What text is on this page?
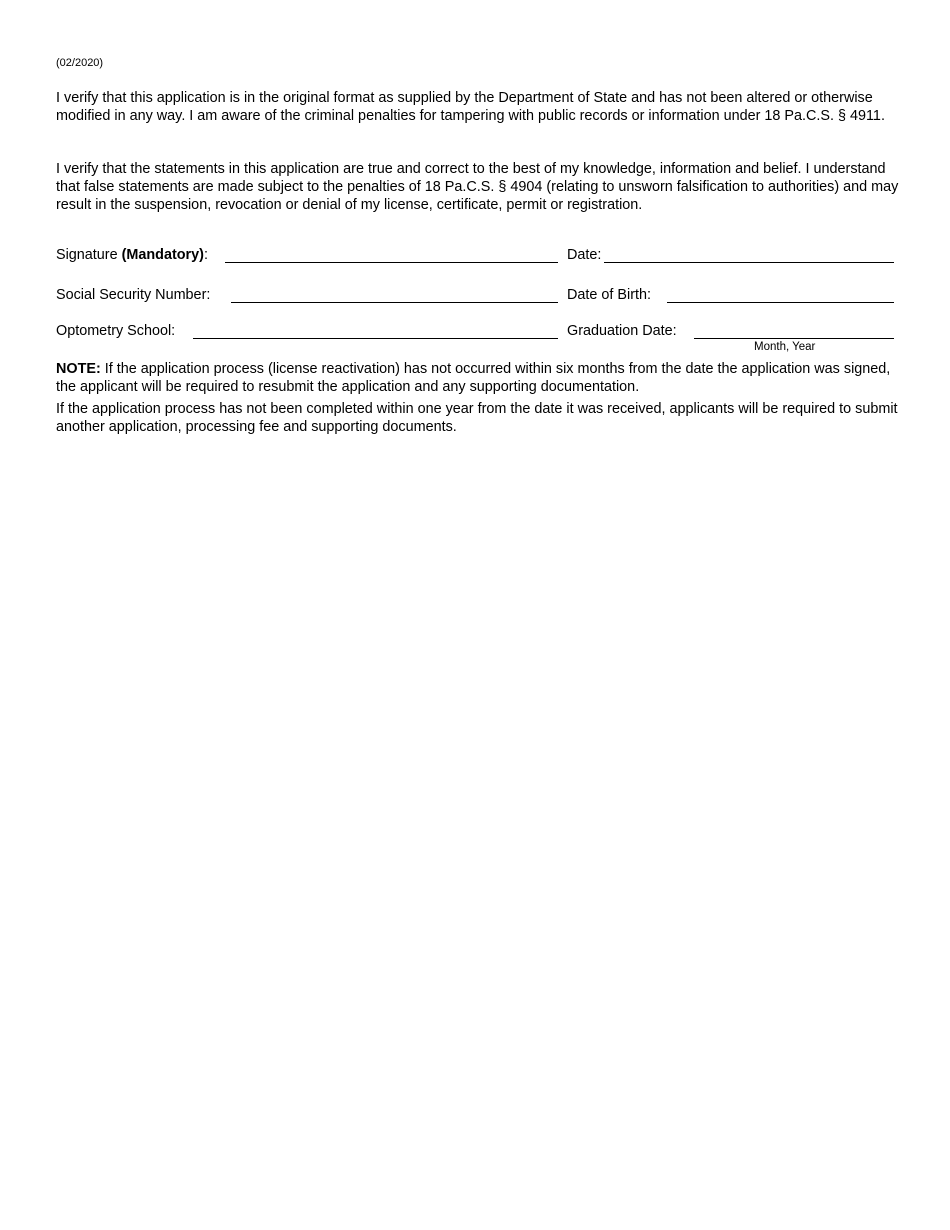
(02/2020)

I verify that this application is in the original format as supplied by the Department of State and has not been altered or otherwise modified in any way. I am aware of the criminal penalties for tampering with public records or information under 18 Pa.C.S. § 4911.

I verify that the statements in this application are true and correct to the best of my knowledge, information and belief. I understand that false statements are made subject to the penalties of 18 Pa.C.S. § 4904 (relating to unsworn falsification to authorities) and may result in the suspension, revocation or denial of my license, certificate, permit or registration.

Signature (Mandatory):	Date:
Social Security Number:	Date of Birth:
Optometry School:	Graduation Date:
Month, Year

NOTE: If the application process (license reactivation) has not occurred within six months from the date the application was signed, the applicant will be required to resubmit the application and any supporting documentation.

If the application process has not been completed within one year from the date it was received, applicants will be required to submit another application, processing fee and supporting documents.
